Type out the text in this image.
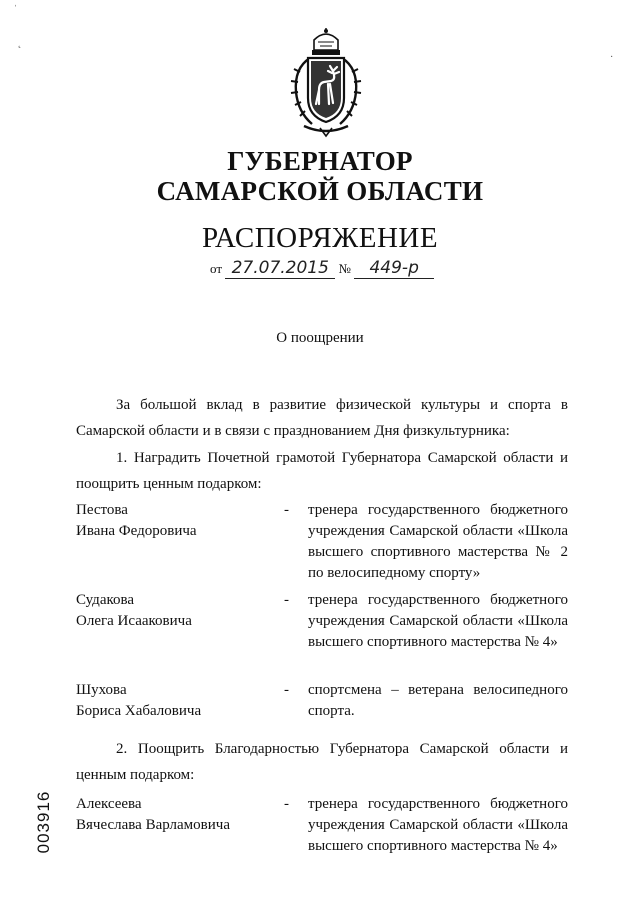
ˈ
˛
·
ГУБЕРНАТОР
САМАРСКОЙ ОБЛАСТИ
РАСПОРЯЖЕНИЕ
от 27.07.2015 № 449-р
О поощрении

За большой вклад в развитие физической культуры и спорта в Самарской области и в связи с празднованием Дня физкультурника:

1. Наградить Почетной грамотой Губернатора Самарской области и поощрить ценным подарком:

Пестова
Ивана Федоровича
- тренера государственного бюджетного учреждения Самарской области «Школа высшего спортивного мастерства № 2 по велосипедному спорту»
Судакова
Олега Исааковича
- тренера государственного бюджетного учреждения Самарской области «Школа высшего спортивного мастерства № 4»
Шухова
Бориса Хабаловича
- спортсмена – ветерана велосипедного спорта.

2. Поощрить Благодарностью Губернатора Самарской области и ценным подарком:

Алексеева
Вячеслава Варламовича
- тренера государственного бюджетного учреждения Самарской области «Школа высшего спортивного мастерства № 4»
003916
